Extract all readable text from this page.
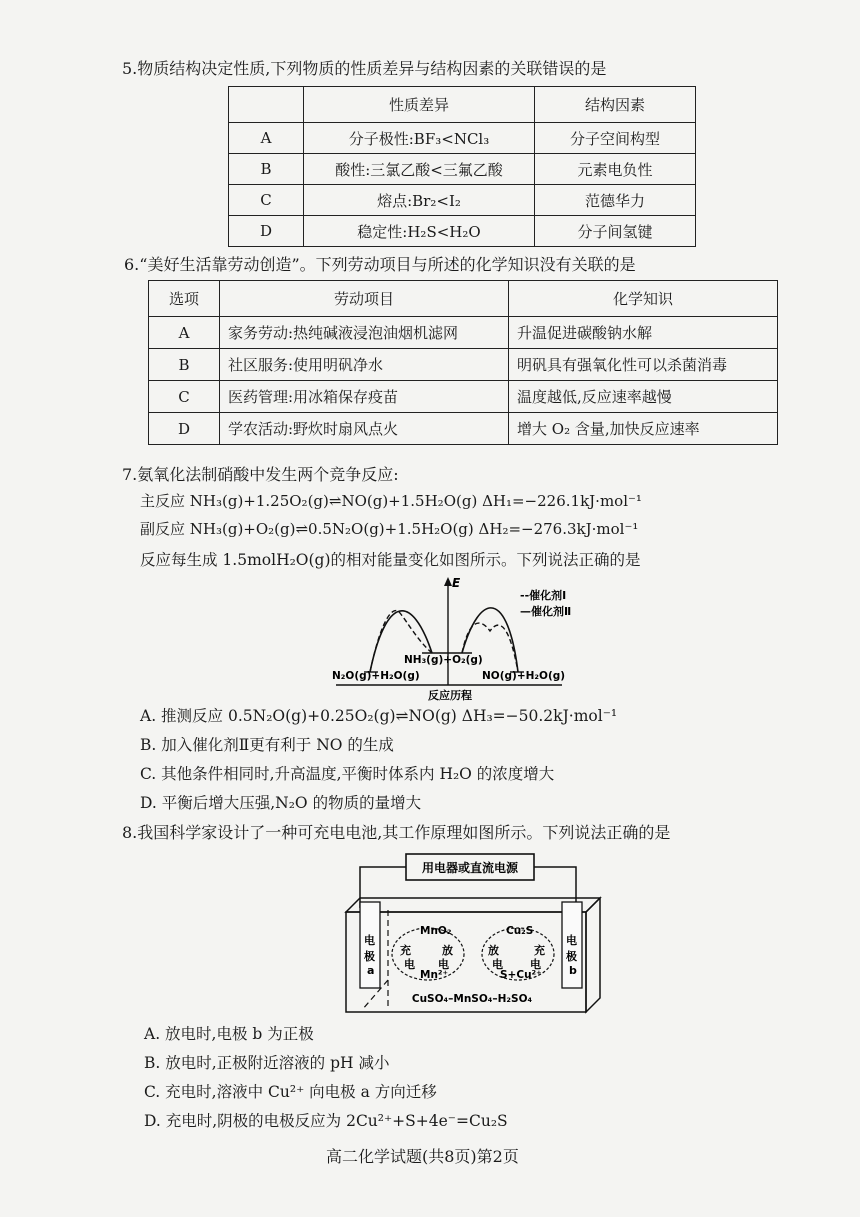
5.物质结构决定性质,下列物质的性质差异与结构因素的关联错误的是
	性质差异	结构因素
A	分子极性:BF₃<NCl₃	分子空间构型
B	酸性:三氯乙酸<三氟乙酸	元素电负性
C	熔点:Br₂<I₂	范德华力
D	稳定性:H₂S<H₂O	分子间氢键
6.“美好生活靠劳动创造”。下列劳动项目与所述的化学知识没有关联的是
选项	劳动项目	化学知识
A	家务劳动:热纯碱液浸泡油烟机滤网	升温促进碳酸钠水解
B	社区服务:使用明矾净水	明矾具有强氧化性可以杀菌消毒
C	医药管理:用冰箱保存疫苗	温度越低,反应速率越慢
D	学农活动:野炊时扇风点火	增大 O₂ 含量,加快反应速率
7.氨氧化法制硝酸中发生两个竞争反应:
主反应 NH₃(g)+1.25O₂(g)⇌NO(g)+1.5H₂O(g) ΔH₁=−226.1kJ·mol⁻¹
副反应 NH₃(g)+O₂(g)⇌0.5N₂O(g)+1.5H₂O(g) ΔH₂=−276.3kJ·mol⁻¹
反应每生成 1.5molH₂O(g)的相对能量变化如图所示。下列说法正确的是
E
NH₃(g)+O₂(g)
N₂O(g)+H₂O(g)	NO(g)+H₂O(g)
反应历程
--催化剂Ⅰ
—催化剂Ⅱ
A. 推测反应 0.5N₂O(g)+0.25O₂(g)⇌NO(g) ΔH₃=−50.2kJ·mol⁻¹
B. 加入催化剂Ⅱ更有利于 NO 的生成
C. 其他条件相同时,升高温度,平衡时体系内 H₂O 的浓度增大
D. 平衡后增大压强,N₂O 的物质的量增大
8.我国科学家设计了一种可充电电池,其工作原理如图所示。下列说法正确的是
用电器或直流电源
电
极
a
电
极
b
MnO₂
Mn²⁺
充
电
放
电
Cu₂S
S+Cu²⁺
放
电
充
电
CuSO₄–MnSO₄–H₂SO₄
A. 放电时,电极 b 为正极
B. 放电时,正极附近溶液的 pH 减小
C. 充电时,溶液中 Cu²⁺ 向电极 a 方向迁移
D. 充电时,阴极的电极反应为 2Cu²⁺+S+4e⁻=Cu₂S
高二化学试题(共8页)第2页
